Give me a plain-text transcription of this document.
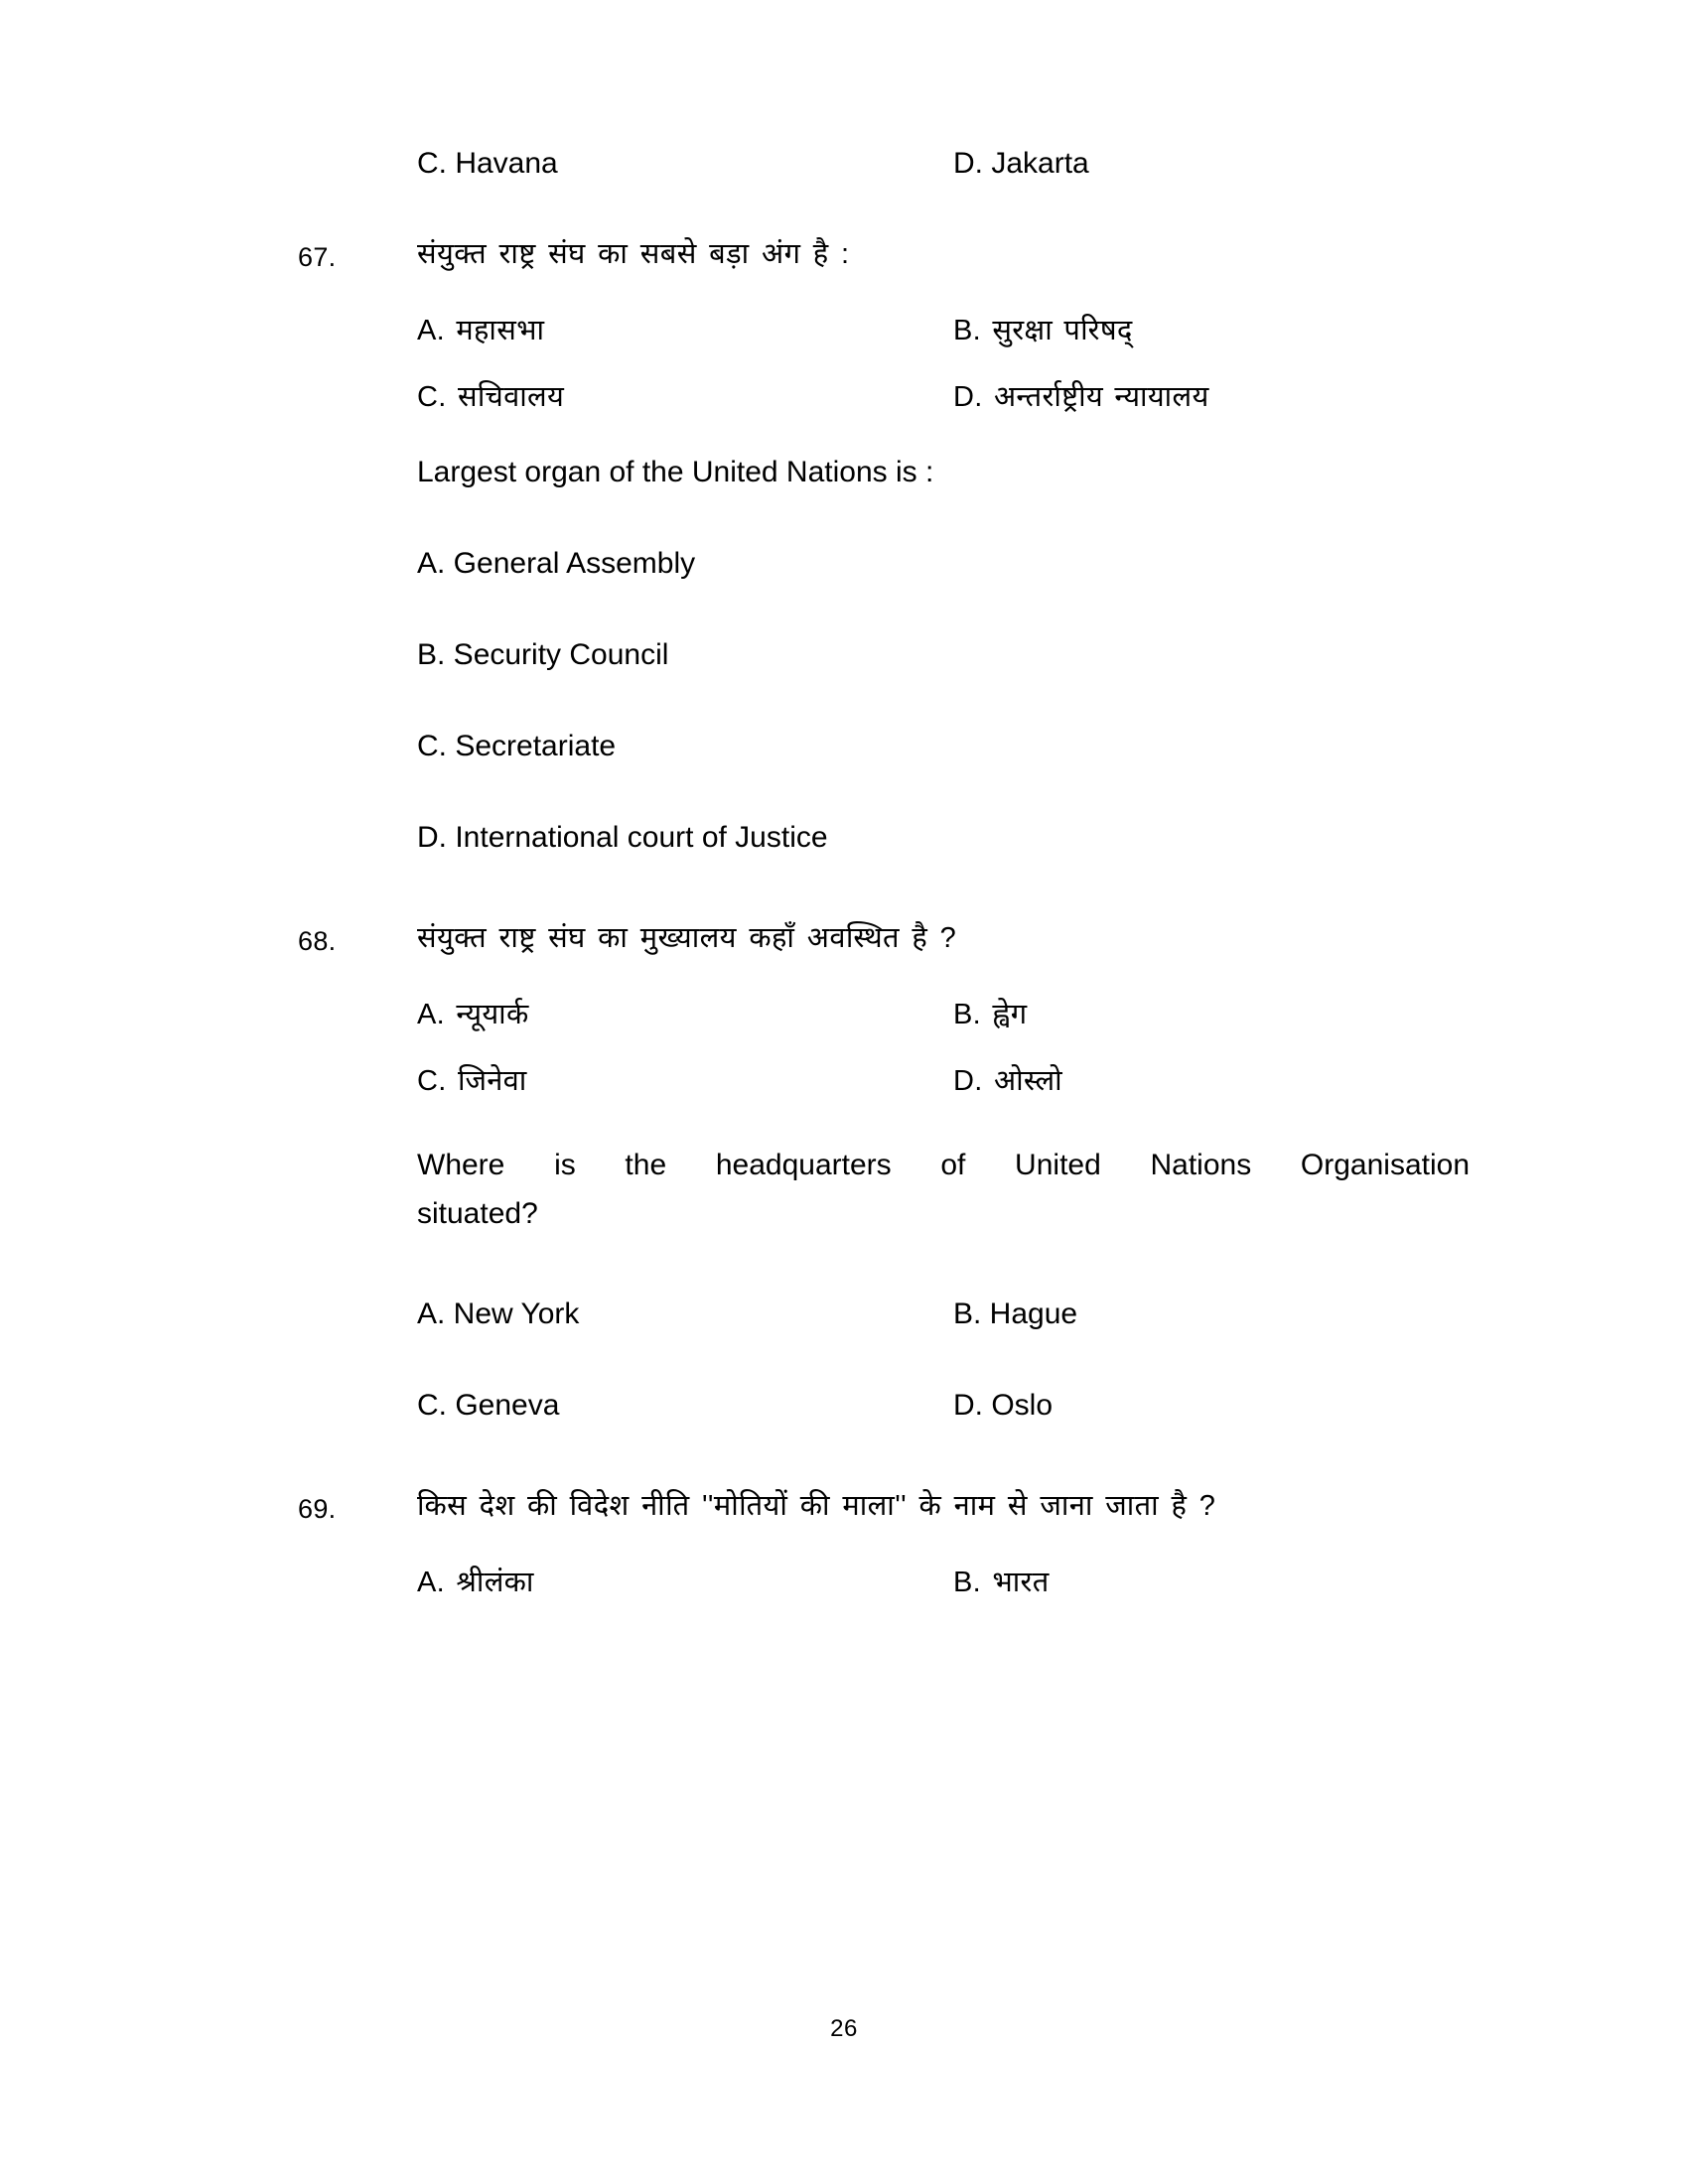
C. Havana	D. Jakarta
67.	संयुक्त राष्ट्र संघ का सबसे बड़ा अंग है :
A. महासभा	B. सुरक्षा परिषद्
C. सचिवालय	D. अन्तर्राष्ट्रीय न्यायालय
Largest organ of the United Nations is :
A. General Assembly
B. Security Council
C. Secretariate
D. International court of Justice
68.	संयुक्त राष्ट्र संघ का मुख्यालय कहाँ अवस्थित है ?
A. न्यूयार्क	B. ह्वेग
C. जिनेवा	D. ओस्लो
Where is the headquarters of United Nations Organisation
situated?
A. New York	B. Hague
C. Geneva	D. Oslo
69.	किस देश की विदेश नीति ''मोतियों की माला'' के नाम से जाना जाता है ?
A. श्रीलंका	B. भारत
26
